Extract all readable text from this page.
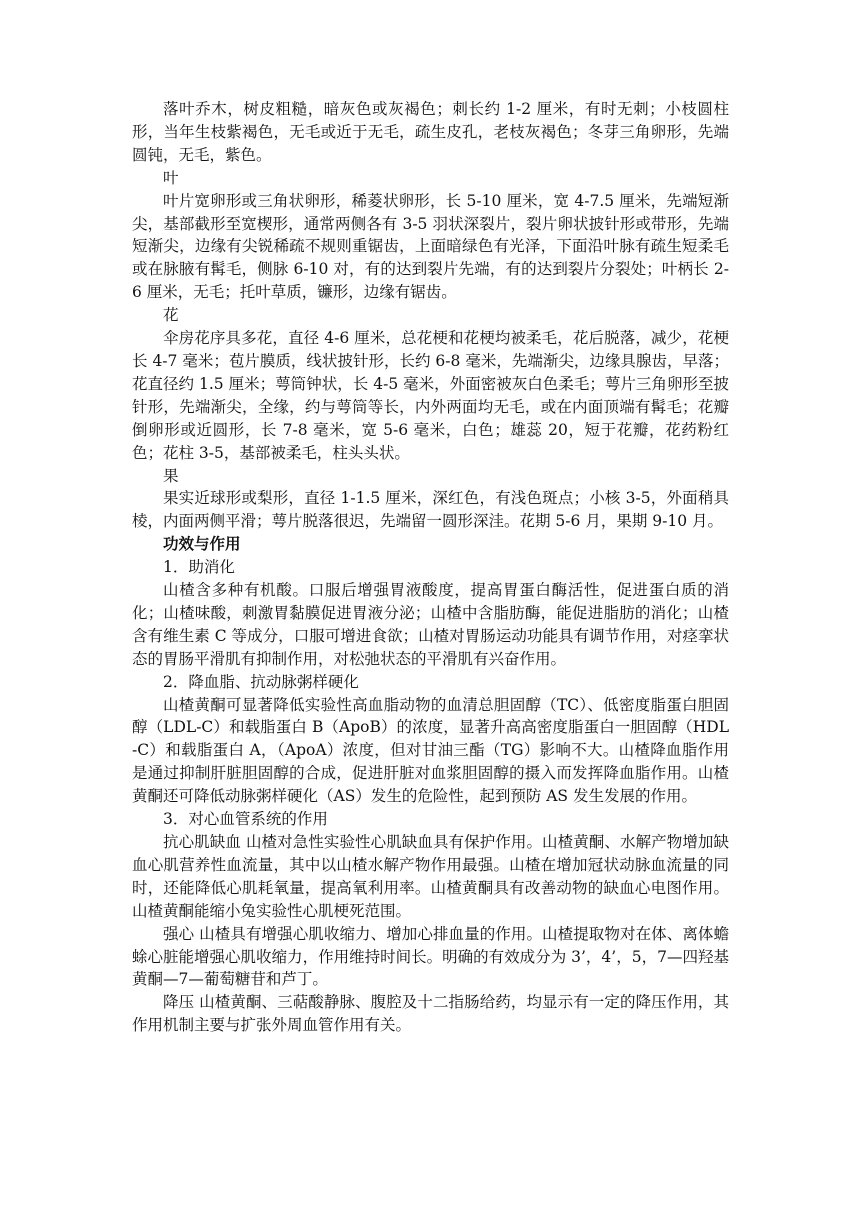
落叶乔木，树皮粗糙，暗灰色或灰褐色；刺长约 1-2 厘米，有时无刺；小枝圆柱形，当年生枝紫褐色，无毛或近于无毛，疏生皮孔，老枝灰褐色；冬芽三角卵形，先端圆钝，无毛，紫色。

叶

叶片宽卵形或三角状卵形，稀菱状卵形，长 5-10 厘米，宽 4-7.5 厘米，先端短渐尖，基部截形至宽楔形，通常两侧各有 3-5 羽状深裂片，裂片卵状披针形或带形，先端短渐尖，边缘有尖锐稀疏不规则重锯齿，上面暗绿色有光泽，下面沿叶脉有疏生短柔毛或在脉腋有髯毛，侧脉 6-10 对，有的达到裂片先端，有的达到裂片分裂处；叶柄长 2-6 厘米，无毛；托叶草质，镰形，边缘有锯齿。

花

伞房花序具多花，直径 4-6 厘米，总花梗和花梗均被柔毛，花后脱落，减少，花梗长 4-7 毫米；苞片膜质，线状披针形，长约 6-8 毫米，先端渐尖，边缘具腺齿，早落；花直径约 1.5 厘米；萼筒钟状，长 4-5 毫米，外面密被灰白色柔毛；萼片三角卵形至披针形，先端渐尖，全缘，约与萼筒等长，内外两面均无毛，或在内面顶端有髯毛；花瓣倒卵形或近圆形，长 7-8 毫米，宽 5-6 毫米，白色；雄蕊 20，短于花瓣，花药粉红色；花柱 3-5，基部被柔毛，柱头头状。

果

果实近球形或梨形，直径 1-1.5 厘米，深红色，有浅色斑点；小核 3-5，外面稍具棱，内面两侧平滑；萼片脱落很迟，先端留一圆形深洼。花期 5-6 月，果期 9-10 月。

功效与作用

1．助消化

山楂含多种有机酸。口服后增强胃液酸度，提高胃蛋白酶活性，促进蛋白质的消化；山楂味酸，刺激胃黏膜促进胃液分泌；山楂中含脂肪酶，能促进脂肪的消化；山楂含有维生素 C 等成分，口服可增进食欲；山楂对胃肠运动功能具有调节作用，对痉挛状态的胃肠平滑肌有抑制作用，对松弛状态的平滑肌有兴奋作用。

2．降血脂、抗动脉粥样硬化

山楂黄酮可显著降低实验性高血脂动物的血清总胆固醇（TC）、低密度脂蛋白胆固醇（LDL-C）和载脂蛋白 B（ApoB）的浓度，显著升高高密度脂蛋白一胆固醇（HDL-C）和载脂蛋白 A，（ApoA）浓度，但对甘油三酯（TG）影响不大。山楂降血脂作用是通过抑制肝脏胆固醇的合成，促进肝脏对血浆胆固醇的摄入而发挥降血脂作用。山楂黄酮还可降低动脉粥样硬化（AS）发生的危险性，起到预防 AS 发生发展的作用。

3．对心血管系统的作用

抗心肌缺血 山楂对急性实验性心肌缺血具有保护作用。山楂黄酮、水解产物增加缺血心肌营养性血流量，其中以山楂水解产物作用最强。山楂在增加冠状动脉血流量的同时，还能降低心肌耗氧量，提高氧利用率。山楂黄酮具有改善动物的缺血心电图作用。山楂黄酮能缩小兔实验性心肌梗死范围。

强心 山楂具有增强心肌收缩力、增加心排血量的作用。山楂提取物对在体、离体蟾蜍心脏能增强心肌收缩力，作用维持时间长。明确的有效成分为 3’，4’，5，7—四羟基黄酮—7—葡萄糖苷和芦丁。

降压 山楂黄酮、三萜酸静脉、腹腔及十二指肠给药，均显示有一定的降压作用，其作用机制主要与扩张外周血管作用有关。
